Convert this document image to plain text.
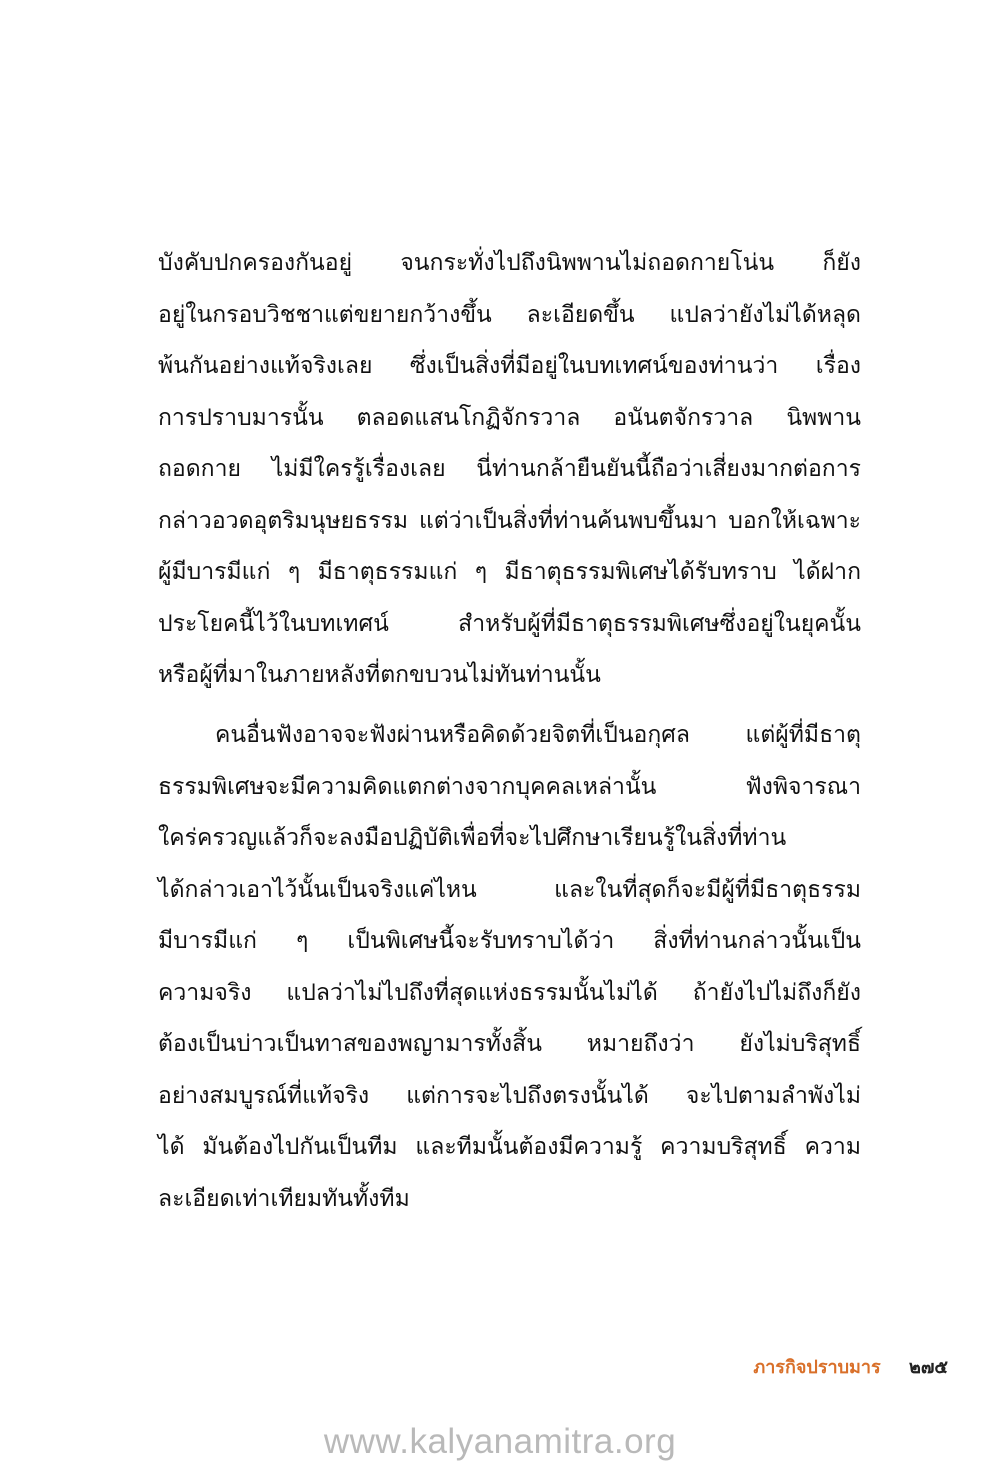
บังคับปกครองกันอยู่ จนกระทั่งไปถึงนิพพานไม่ถอดกายโน่น ก็ยัง
อยู่ในกรอบวิชชาแต่ขยายกว้างขึ้น ละเอียดขึ้น แปลว่ายังไม่ได้หลุด
พ้นกันอย่างแท้จริงเลย ซึ่งเป็นสิ่งที่มีอยู่ในบทเทศน์ของท่านว่า เรื่อง
การปราบมารนั้น ตลอดแสนโกฏิจักรวาล อนันตจักรวาล นิพพาน
ถอดกาย ไม่มีใครรู้เรื่องเลย นี่ท่านกล้ายืนยันนี้ถือว่าเสี่ยงมากต่อการ
กล่าวอวดอุตริมนุษยธรรม แต่ว่าเป็นสิ่งที่ท่านค้นพบขึ้นมา บอกให้เฉพาะ
ผู้มีบารมีแก่ ๆ มีธาตุธรรมแก่ ๆ มีธาตุธรรมพิเศษได้รับทราบ ได้ฝาก
ประโยคนี้ไว้ในบทเทศน์ สำหรับผู้ที่มีธาตุธรรมพิเศษซึ่งอยู่ในยุคนั้น
หรือผู้ที่มาในภายหลังที่ตกขบวนไม่ทันท่านนั้น
คนอื่นฟังอาจจะฟังผ่านหรือคิดด้วยจิตที่เป็นอกุศล แต่ผู้ที่มีธาตุ
ธรรมพิเศษจะมีความคิดแตกต่างจากบุคคลเหล่านั้น ฟังพิจารณา
ใคร่ครวญแล้วก็จะลงมือปฏิบัติเพื่อที่จะไปศึกษาเรียนรู้ในสิ่งที่ท่าน
ได้กล่าวเอาไว้นั้นเป็นจริงแค่ไหน และในที่สุดก็จะมีผู้ที่มีธาตุธรรม
มีบารมีแก่ ๆ เป็นพิเศษนี้จะรับทราบได้ว่า สิ่งที่ท่านกล่าวนั้นเป็น
ความจริง แปลว่าไม่ไปถึงที่สุดแห่งธรรมนั้นไม่ได้ ถ้ายังไปไม่ถึงก็ยัง
ต้องเป็นบ่าวเป็นทาสของพญามารทั้งสิ้น หมายถึงว่า ยังไม่บริสุทธิ์
อย่างสมบูรณ์ที่แท้จริง แต่การจะไปถึงตรงนั้นได้ จะไปตามลำพังไม่
ได้ มันต้องไปกันเป็นทีม และทีมนั้นต้องมีความรู้ ความบริสุทธิ์ ความ
ละเอียดเท่าเทียมทันทั้งทีม
ภารกิจปราบมาร ๒๗๕
www.kalyanamitra.org
